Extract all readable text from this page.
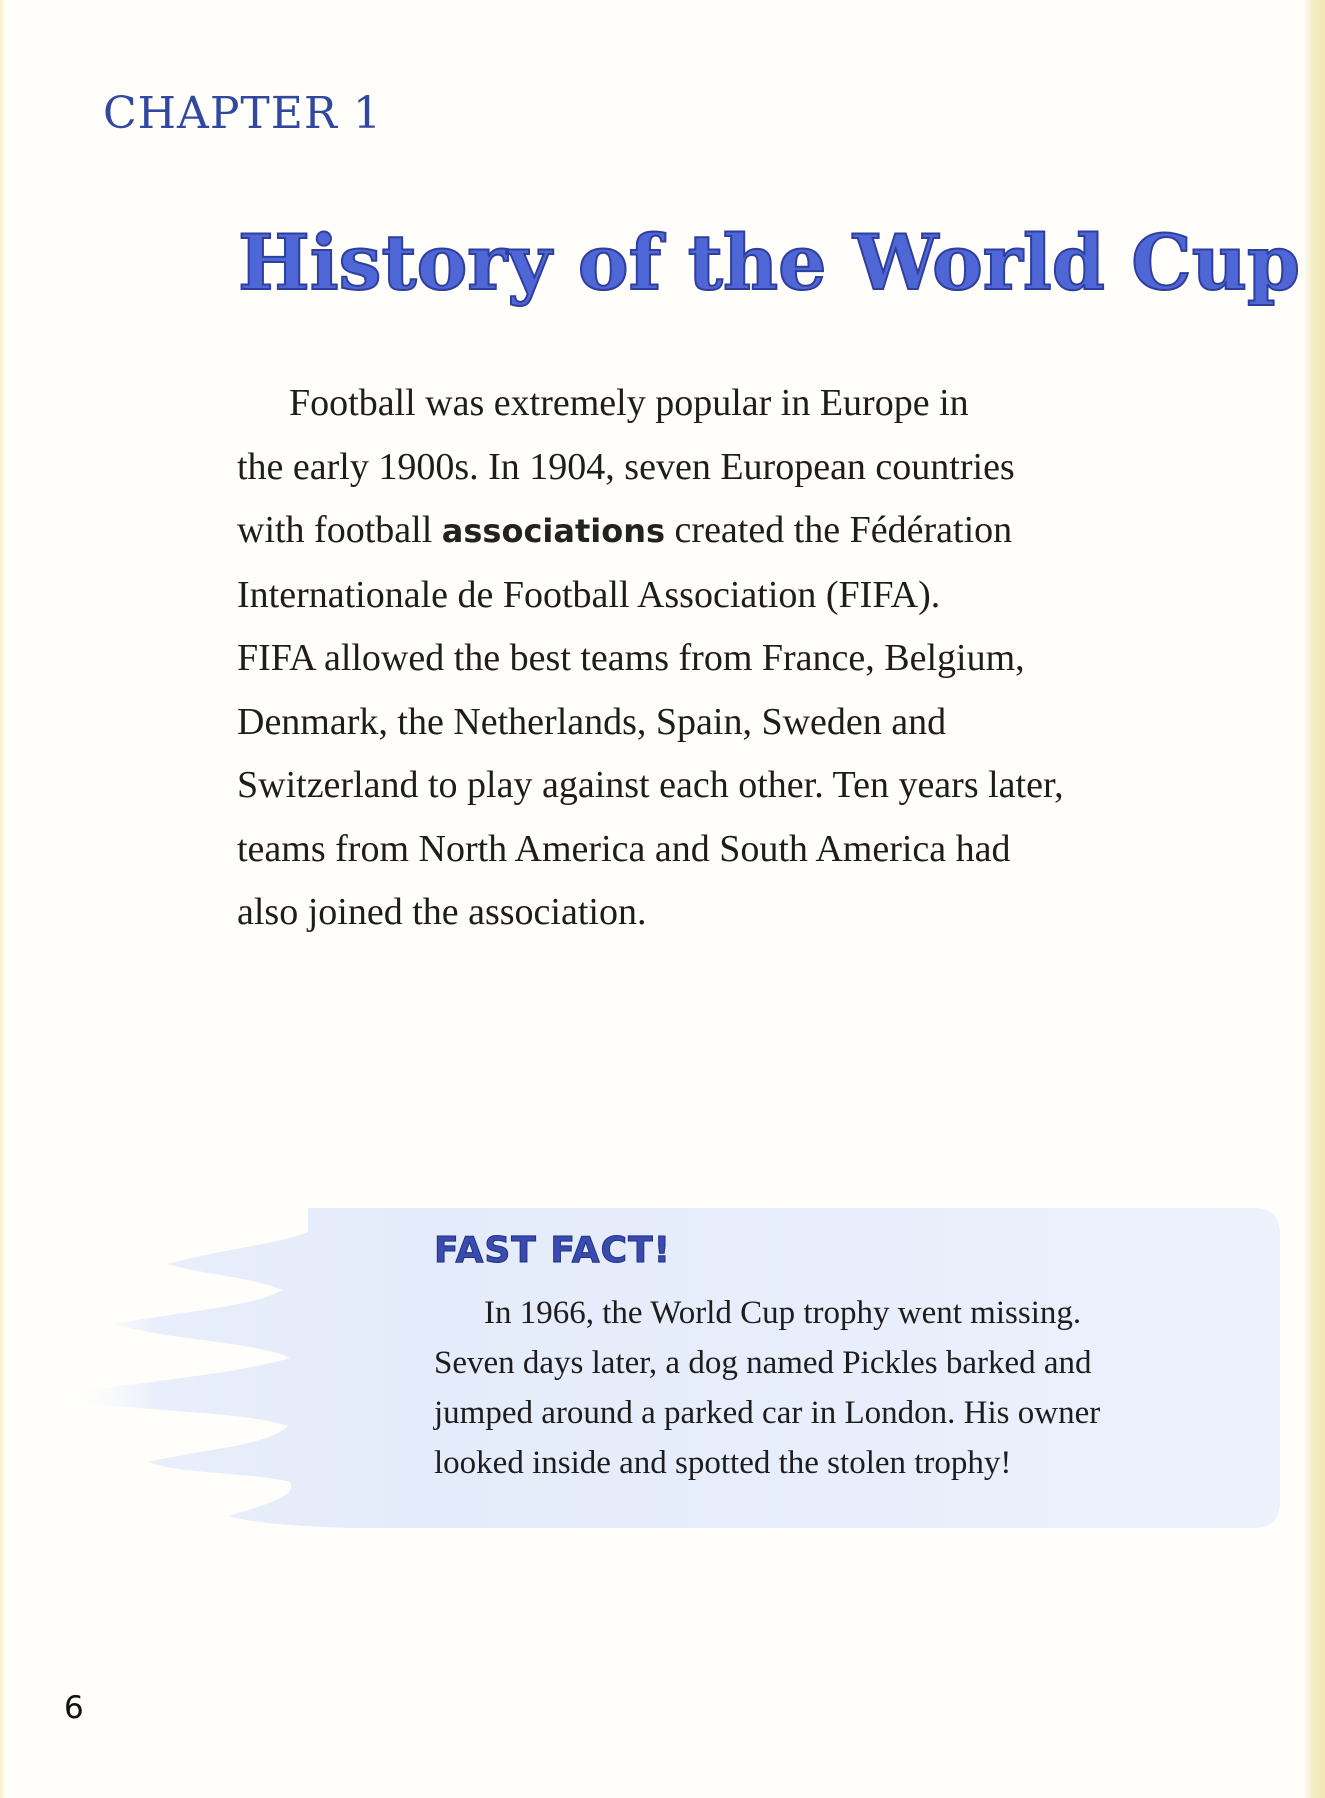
CHAPTER 1
History of the World Cup
Football was extremely popular in Europe in
the early 1900s. In 1904, seven European countries
with football associations created the Fédération
Internationale de Football Association (FIFA).
FIFA allowed the best teams from France, Belgium,
Denmark, the Netherlands, Spain, Sweden and
Switzerland to play against each other. Ten years later,
teams from North America and South America had
also joined the association.
FAST FACT!
In 1966, the World Cup trophy went missing.
Seven days later, a dog named Pickles barked and
jumped around a parked car in London. His owner
looked inside and spotted the stolen trophy!

6
